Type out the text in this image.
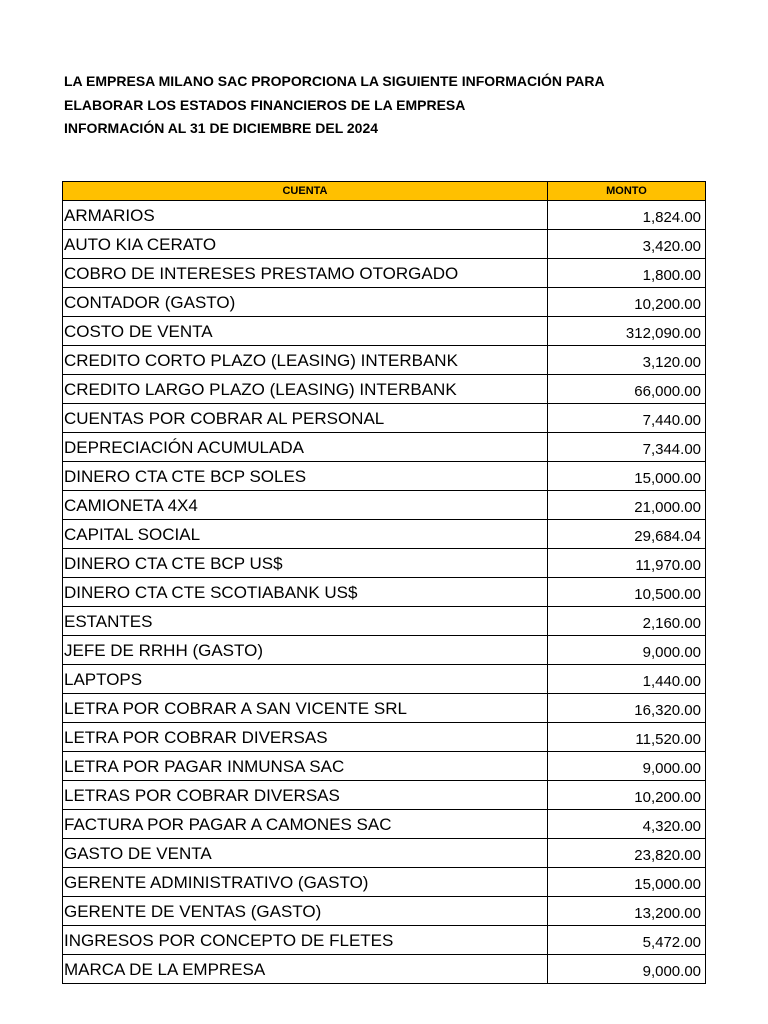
LA EMPRESA MILANO SAC PROPORCIONA LA SIGUIENTE INFORMACIÓN PARA
ELABORAR LOS ESTADOS FINANCIEROS DE LA EMPRESA
INFORMACIÓN AL 31 DE DICIEMBRE DEL 2024
CUENTA	MONTO
ARMARIOS	1,824.00
AUTO KIA CERATO	3,420.00
COBRO DE INTERESES PRESTAMO OTORGADO	1,800.00
CONTADOR (GASTO)	10,200.00
COSTO DE VENTA	312,090.00
CREDITO CORTO PLAZO (LEASING) INTERBANK	3,120.00
CREDITO LARGO PLAZO (LEASING) INTERBANK	66,000.00
CUENTAS POR COBRAR AL PERSONAL	7,440.00
DEPRECIACIÓN ACUMULADA	7,344.00
DINERO CTA CTE BCP SOLES	15,000.00
CAMIONETA 4X4	21,000.00
CAPITAL SOCIAL	29,684.04
DINERO CTA CTE BCP US$	11,970.00
DINERO CTA CTE SCOTIABANK US$	10,500.00
ESTANTES	2,160.00
JEFE DE RRHH (GASTO)	9,000.00
LAPTOPS	1,440.00
LETRA POR COBRAR A SAN VICENTE SRL	16,320.00
LETRA POR COBRAR DIVERSAS	11,520.00
LETRA POR PAGAR INMUNSA SAC	9,000.00
LETRAS POR COBRAR DIVERSAS	10,200.00
FACTURA POR PAGAR A CAMONES SAC	4,320.00
GASTO DE VENTA	23,820.00
GERENTE ADMINISTRATIVO (GASTO)	15,000.00
GERENTE DE VENTAS (GASTO)	13,200.00
INGRESOS POR CONCEPTO DE FLETES	5,472.00
MARCA DE LA EMPRESA	9,000.00
